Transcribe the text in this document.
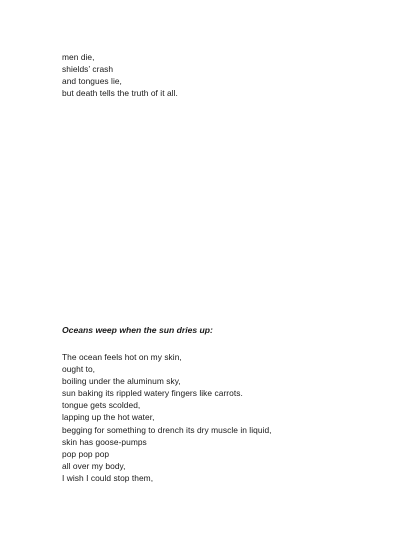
men die,
shields’ crash
and tongues lie,
but death tells the truth of it all.
Oceans weep when the sun dries up:
The ocean feels hot on my skin,
ought to,
boiling under the aluminum sky,
sun baking its rippled watery fingers like carrots.
tongue gets scolded,
lapping up the hot water,
begging for something to drench its dry muscle in liquid,
skin has goose-pumps
pop pop pop
all over my body,
I wish I could stop them,
